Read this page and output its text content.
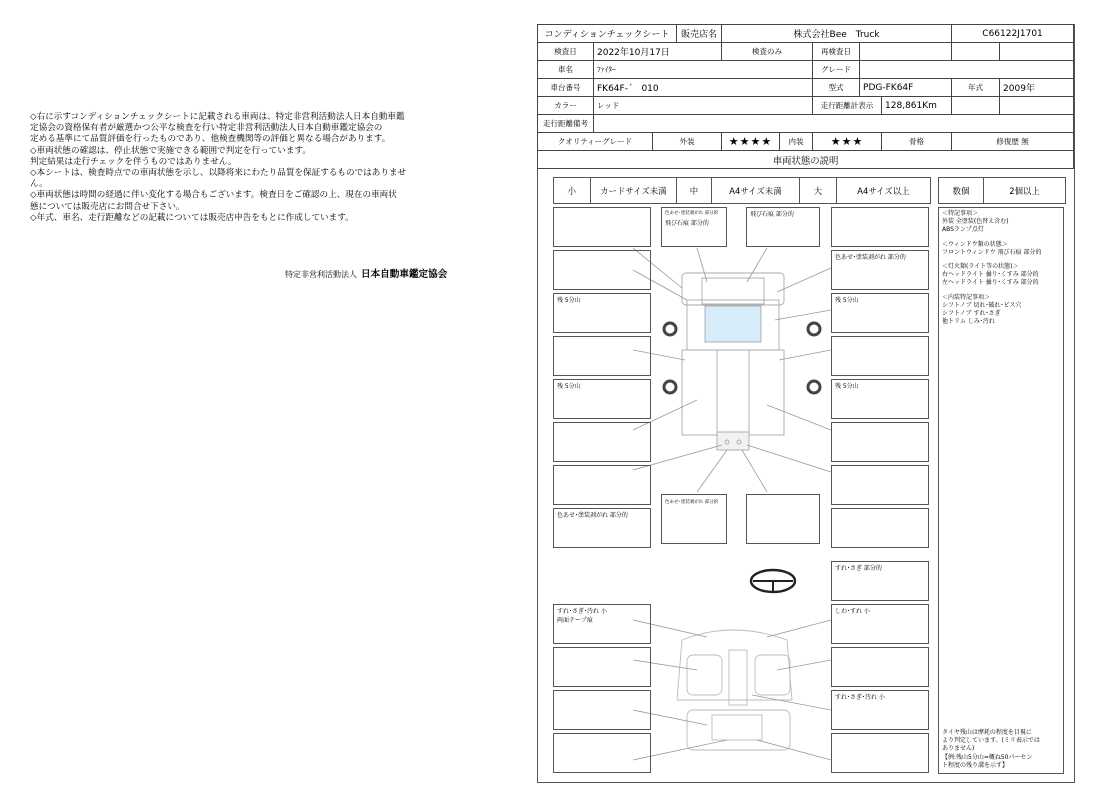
◇右に示すコンディションチェックシートに記載される車両は、特定非営利活動法人日本自動車鑑

定協会の資格保有者が厳選かつ公平な検査を行い特定非営利活動法人日本自動車鑑定協会の

定める基準にて品質評価を行ったものであり、他検査機関等の評価と異なる場合があります。

◇車両状態の確認は、停止状態で実施できる範囲で判定を行っています。

判定結果は走行チェックを伴うものではありません。

◇本シートは、検査時点での車両状態を示し、以降将来にわたり品質を保証するものではありませ

ん。

◇車両状態は時間の経過に伴い変化する場合もございます。検査日をご確認の上、現在の車両状

態については販売店にお問合せ下さい。

◇年式、車名、走行距離などの記載については販売店申告をもとに作成しています。

特定非営利活動法人 日本自動車鑑定協会
コンディションチェックシート			販売店名	株式会社Bee　Truck					C66122J1701	
検査日	2022年10月17日			検査のみ		再検査日				
車名	ﾌｧｲﾀｰ					グレード				
車台番号	FK64F-´　010					型式	PDG-FK64F		年式	2009年
カラー	レッド					走行距離計表示		128,861Km		
走行距離備考										
クオリティーグレード		外装		★★★★	内装	★★★		骨格	修復歴 無	
車両状態の説明										
小	カードサイズ未満	中	A4サイズ未満	大	A4サイズ以上	数個	2個以上
残 5分山
残 5分山
色あせ･塗装剥がれ 部分的
色あせ･塗装剥がれ 部分的
飛び石痕 部分的
飛び石痕 部分的
色あせ･塗装剥がれ 部分的
色あせ･塗装剥がれ 部分的
残 5分山
残 5分山
すれ･さぎ 部分的
すれ･さぎ･汚れ 小
両面テープ痕
しわ･すれ 小
すれ･さぎ･汚れ 小

＜特記事項＞

外装 全塗装(色替え含む)

ABSランプ点灯

＜ウィンドウ類の状態＞

フロントウィンドウ 飛び石痕 部分的

＜灯火類(ライト等の状態)＞

右ヘッドライト 曇り･くすみ 部分的

左ヘッドライト 曇り･くすみ 部分的

＜内装特記事項＞

シフトノブ 切れ･破れ･ビス穴

シフトノブ すれ･さぎ

他トリム しみ･汚れ

タイヤ残山は摩耗の程度を目視に

より判定しています。(ミリ表示では

ありません)

【例:残山5分山=概ね50パーセン

ト程度の残り溝を示す】
